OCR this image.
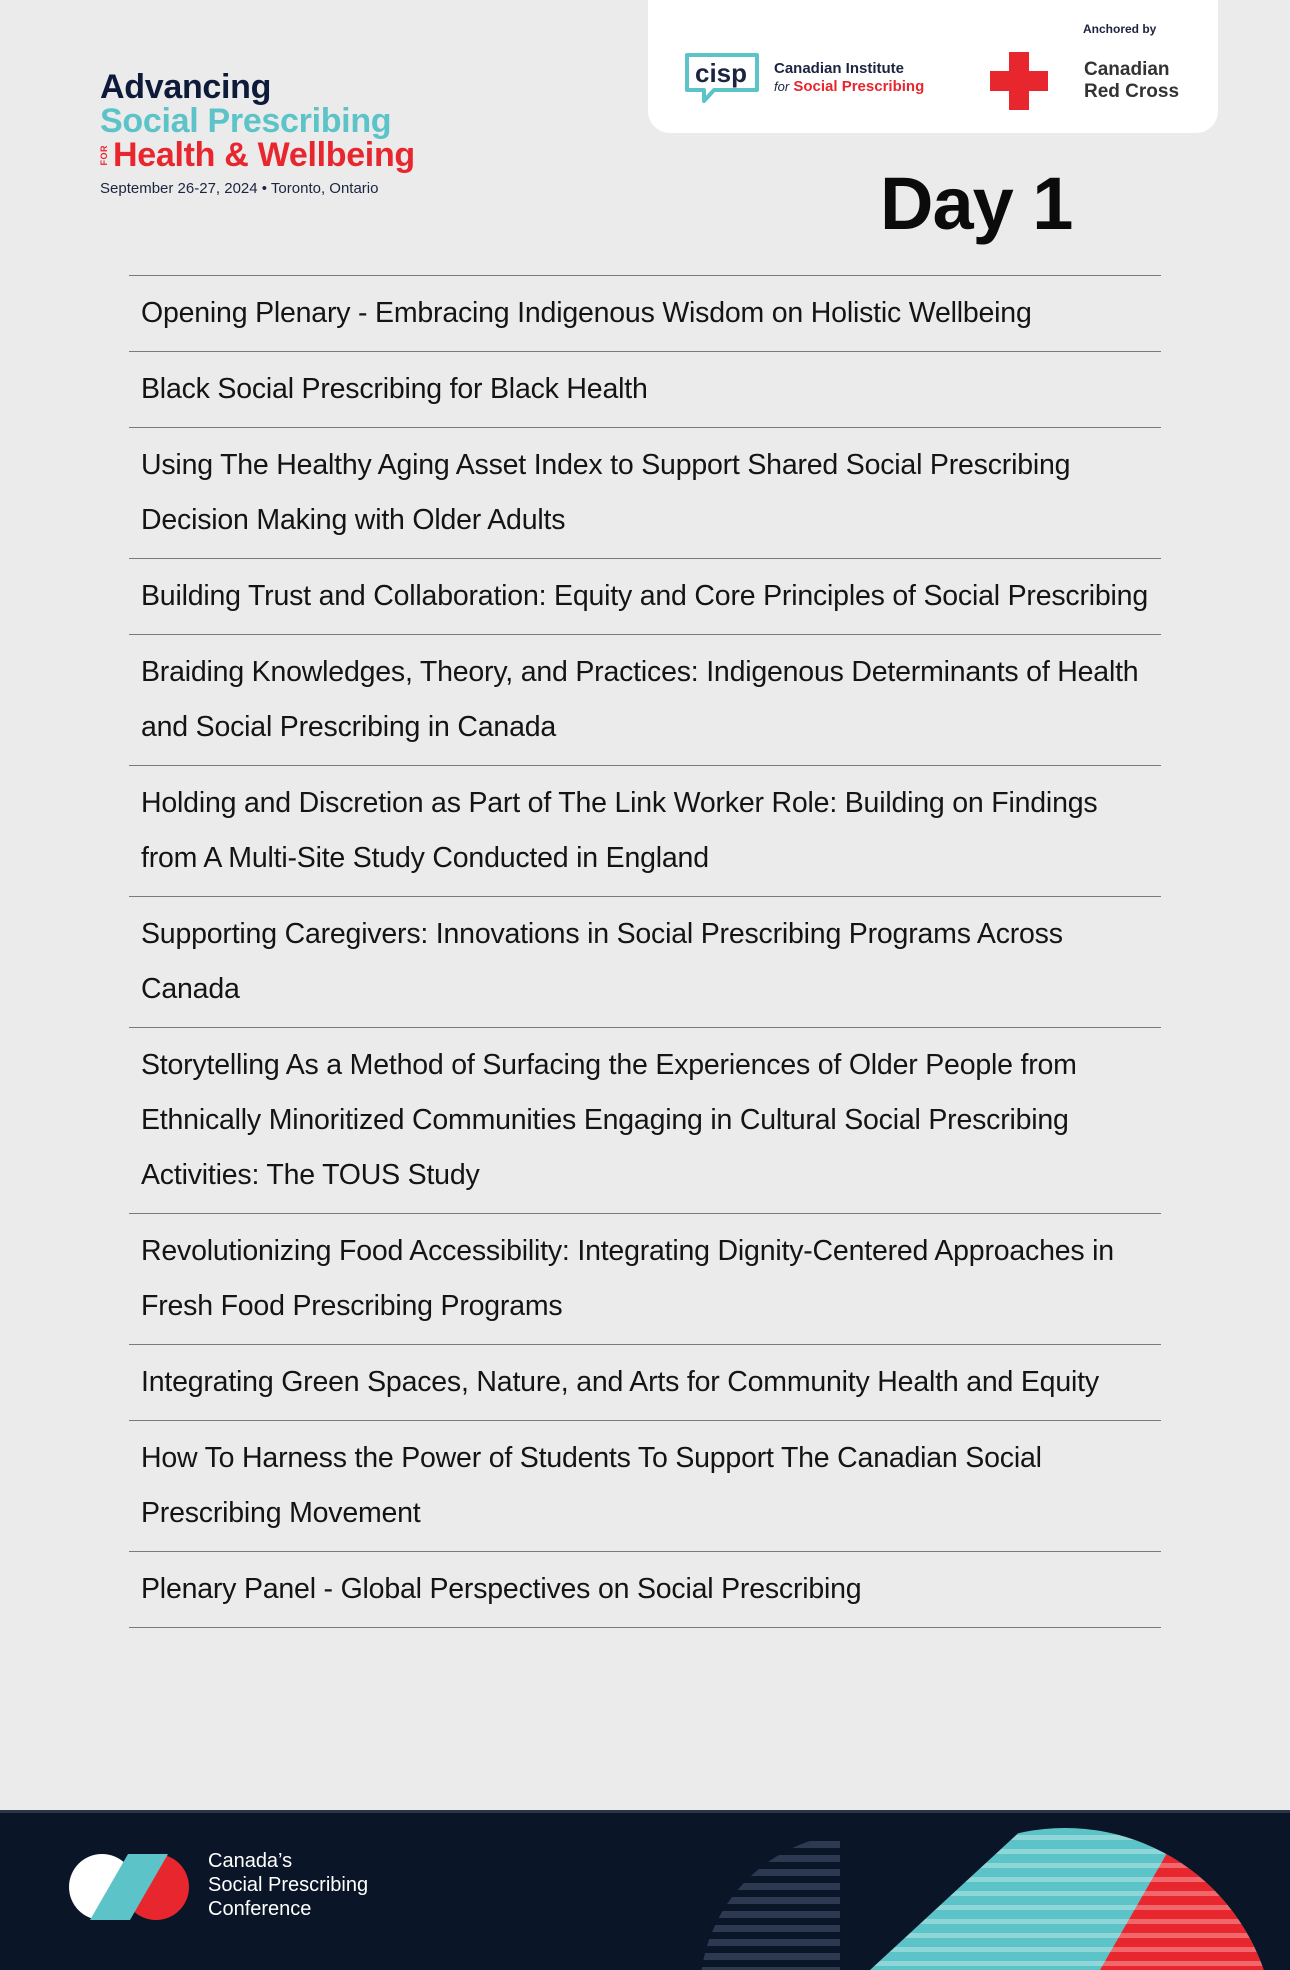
Advancing
Social Prescribing
FOR Health & Wellbeing
September 26-27, 2024 • Toronto, Ontario
cisp Canadian Institute
for Social Prescribing
Anchored by
Canadian
Red Cross
Day 1
Opening Plenary - Embracing Indigenous Wisdom on Holistic Wellbeing
Black Social Prescribing for Black Health
Using The Healthy Aging Asset Index to Support Shared Social Prescribing Decision Making with Older Adults
Building Trust and Collaboration: Equity and Core Principles of Social Prescribing
Braiding Knowledges, Theory, and Practices: Indigenous Determinants of Health and Social Prescribing in Canada
Holding and Discretion as Part of The Link Worker Role: Building on Findings from A Multi-Site Study Conducted in England
Supporting Caregivers: Innovations in Social Prescribing Programs Across Canada
Storytelling As a Method of Surfacing the Experiences of Older People from Ethnically Minoritized Communities Engaging in Cultural Social Prescribing Activities: The TOUS Study
Revolutionizing Food Accessibility: Integrating Dignity-Centered Approaches in Fresh Food Prescribing Programs
Integrating Green Spaces, Nature, and Arts for Community Health and Equity
How To Harness the Power of Students To Support The Canadian Social Prescribing Movement
Plenary Panel - Global Perspectives on Social Prescribing
Canada’s
Social Prescribing
Conference
